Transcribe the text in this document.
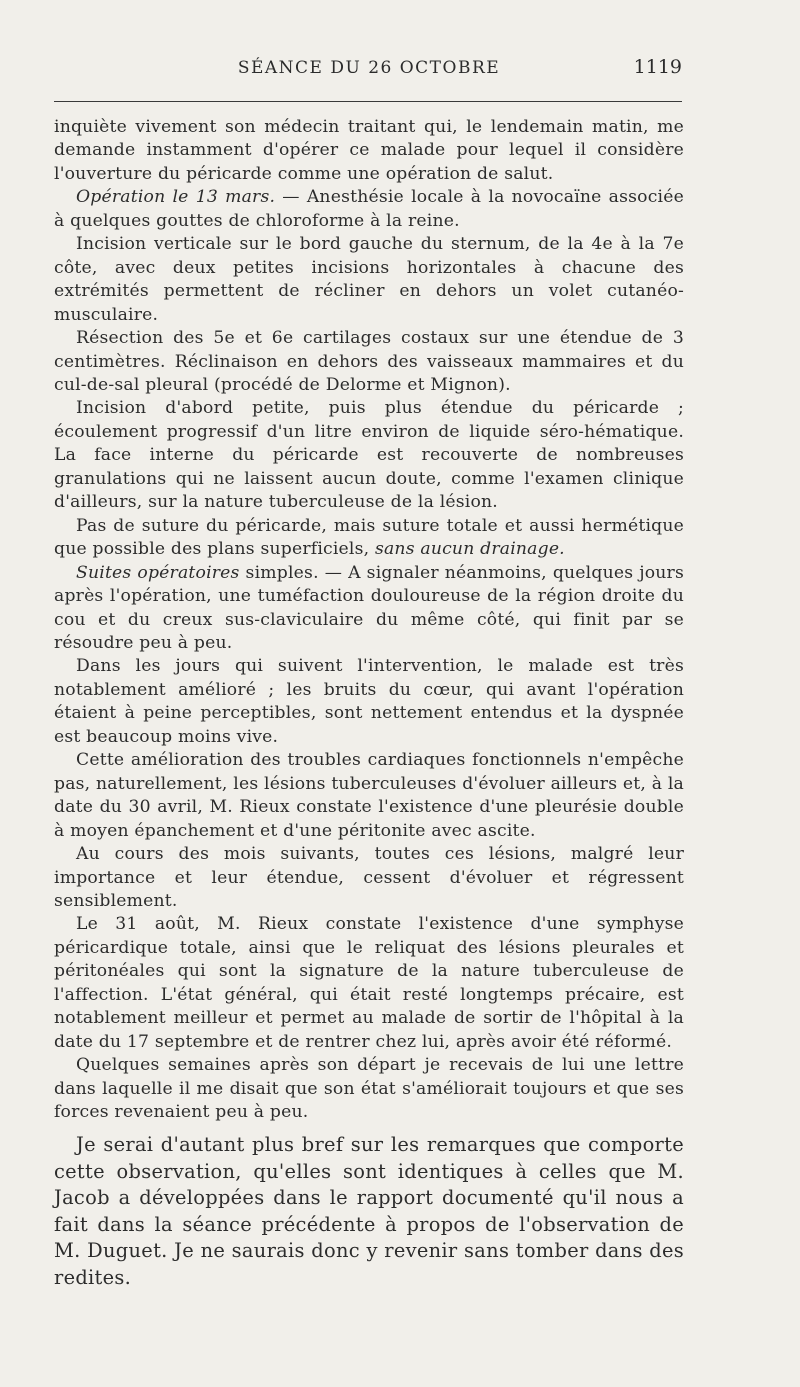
SÉANCE DU 26 OCTOBRE	1119

inquiète vivement son médecin traitant qui, le lendemain matin, me demande instamment d'opérer ce malade pour lequel il considère l'ouverture du péricarde comme une opération de salut.

Opération le 13 mars. — Anesthésie locale à la novocaïne associée à quelques gouttes de chloroforme à la reine.

Incision verticale sur le bord gauche du sternum, de la 4e à la 7e côte, avec deux petites incisions horizontales à chacune des extrémités permettent de récliner en dehors un volet cutanéo-musculaire.

Résection des 5e et 6e cartilages costaux sur une étendue de 3 centimètres. Réclinaison en dehors des vaisseaux mammaires et du cul-de-sal pleural (procédé de Delorme et Mignon).

Incision d'abord petite, puis plus étendue du péricarde ; écoulement progressif d'un litre environ de liquide séro-hématique. La face interne du péricarde est recouverte de nombreuses granulations qui ne laissent aucun doute, comme l'examen clinique d'ailleurs, sur la nature tuberculeuse de la lésion.

Pas de suture du péricarde, mais suture totale et aussi hermétique que possible des plans superficiels, sans aucun drainage.

Suites opératoires simples. — A signaler néanmoins, quelques jours après l'opération, une tuméfaction douloureuse de la région droite du cou et du creux sus-claviculaire du même côté, qui finit par se résoudre peu à peu.

Dans les jours qui suivent l'intervention, le malade est très notablement amélioré ; les bruits du cœur, qui avant l'opération étaient à peine perceptibles, sont nettement entendus et la dyspnée est beaucoup moins vive.

Cette amélioration des troubles cardiaques fonctionnels n'empêche pas, naturellement, les lésions tuberculeuses d'évoluer ailleurs et, à la date du 30 avril, M. Rieux constate l'existence d'une pleurésie double à moyen épanchement et d'une péritonite avec ascite.

Au cours des mois suivants, toutes ces lésions, malgré leur importance et leur étendue, cessent d'évoluer et régressent sensiblement.

Le 31 août, M. Rieux constate l'existence d'une symphyse péricardique totale, ainsi que le reliquat des lésions pleurales et péritonéales qui sont la signature de la nature tuberculeuse de l'affection. L'état général, qui était resté longtemps précaire, est notablement meilleur et permet au malade de sortir de l'hôpital à la date du 17 septembre et de rentrer chez lui, après avoir été réformé.

Quelques semaines après son départ je recevais de lui une lettre dans laquelle il me disait que son état s'améliorait toujours et que ses forces revenaient peu à peu.

Je serai d'autant plus bref sur les remarques que comporte cette observation, qu'elles sont identiques à celles que M. Jacob a développées dans le rapport documenté qu'il nous a fait dans la séance précédente à propos de l'observation de M. Duguet. Je ne saurais donc y revenir sans tomber dans des redites.
